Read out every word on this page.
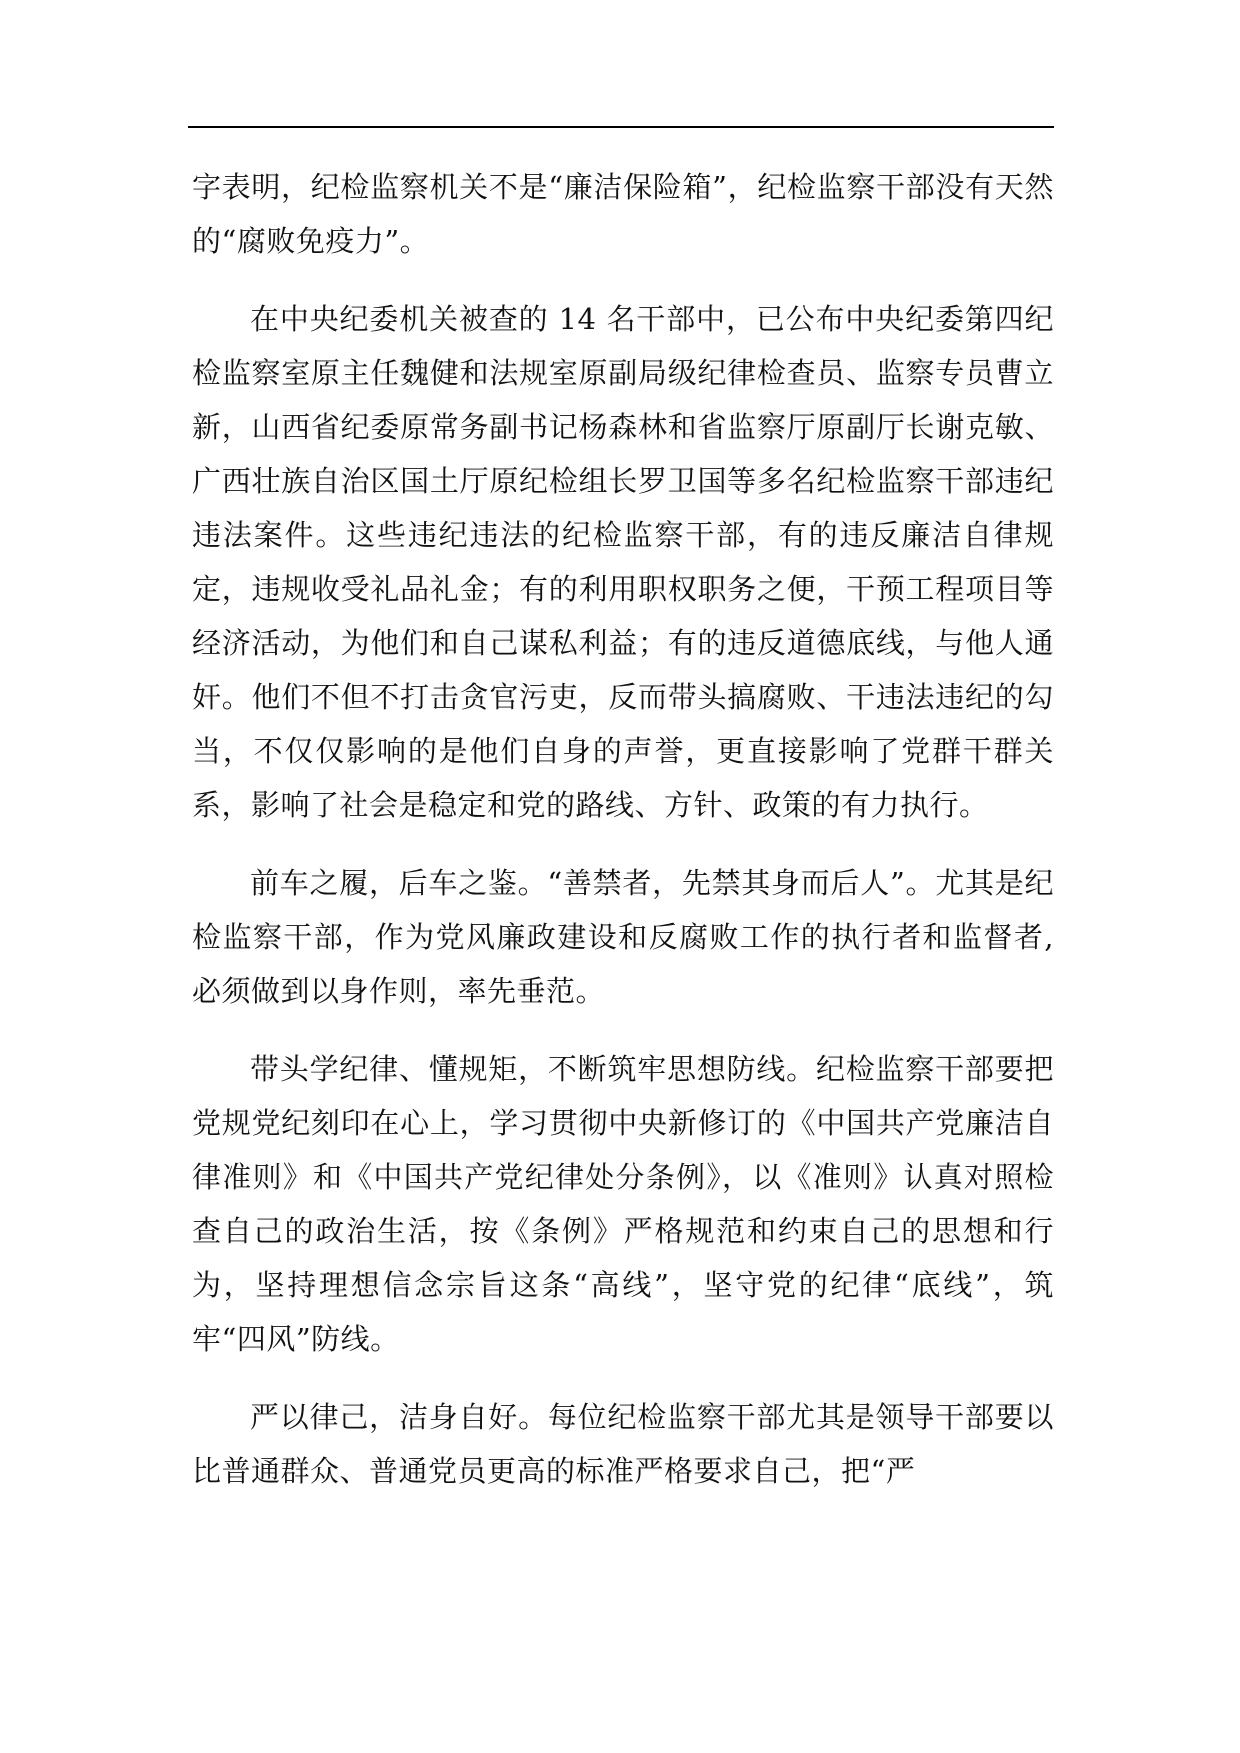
字表明，纪检监察机关不是“廉洁保险箱”，纪检监察干部没有天然的“腐败免疫力”。

在中央纪委机关被查的 14 名干部中，已公布中央纪委第四纪检监察室原主任魏健和法规室原副局级纪律检查员、监察专员曹立新，山西省纪委原常务副书记杨森林和省监察厅原副厅长谢克敏、广西壮族自治区国土厅原纪检组长罗卫国等多名纪检监察干部违纪违法案件。这些违纪违法的纪检监察干部，有的违反廉洁自律规定，违规收受礼品礼金；有的利用职权职务之便，干预工程项目等经济活动，为他们和自己谋私利益；有的违反道德底线，与他人通奸。他们不但不打击贪官污吏，反而带头搞腐败、干违法违纪的勾当，不仅仅影响的是他们自身的声誉，更直接影响了党群干群关系，影响了社会是稳定和党的路线、方针、政策的有力执行。

前车之履，后车之鉴。“善禁者，先禁其身而后人”。尤其是纪检监察干部，作为党风廉政建设和反腐败工作的执行者和监督者,必须做到以身作则，率先垂范。

带头学纪律、懂规矩，不断筑牢思想防线。纪检监察干部要把党规党纪刻印在心上，学习贯彻中央新修订的《中国共产党廉洁自律准则》和《中国共产党纪律处分条例》，以《准则》认真对照检查自己的政治生活，按《条例》严格规范和约束自己的思想和行为，坚持理想信念宗旨这条“高线”，坚守党的纪律“底线”，筑牢“四风”防线。

严以律己，洁身自好。每位纪检监察干部尤其是领导干部要以比普通群众、普通党员更高的标准严格要求自己，把“严
